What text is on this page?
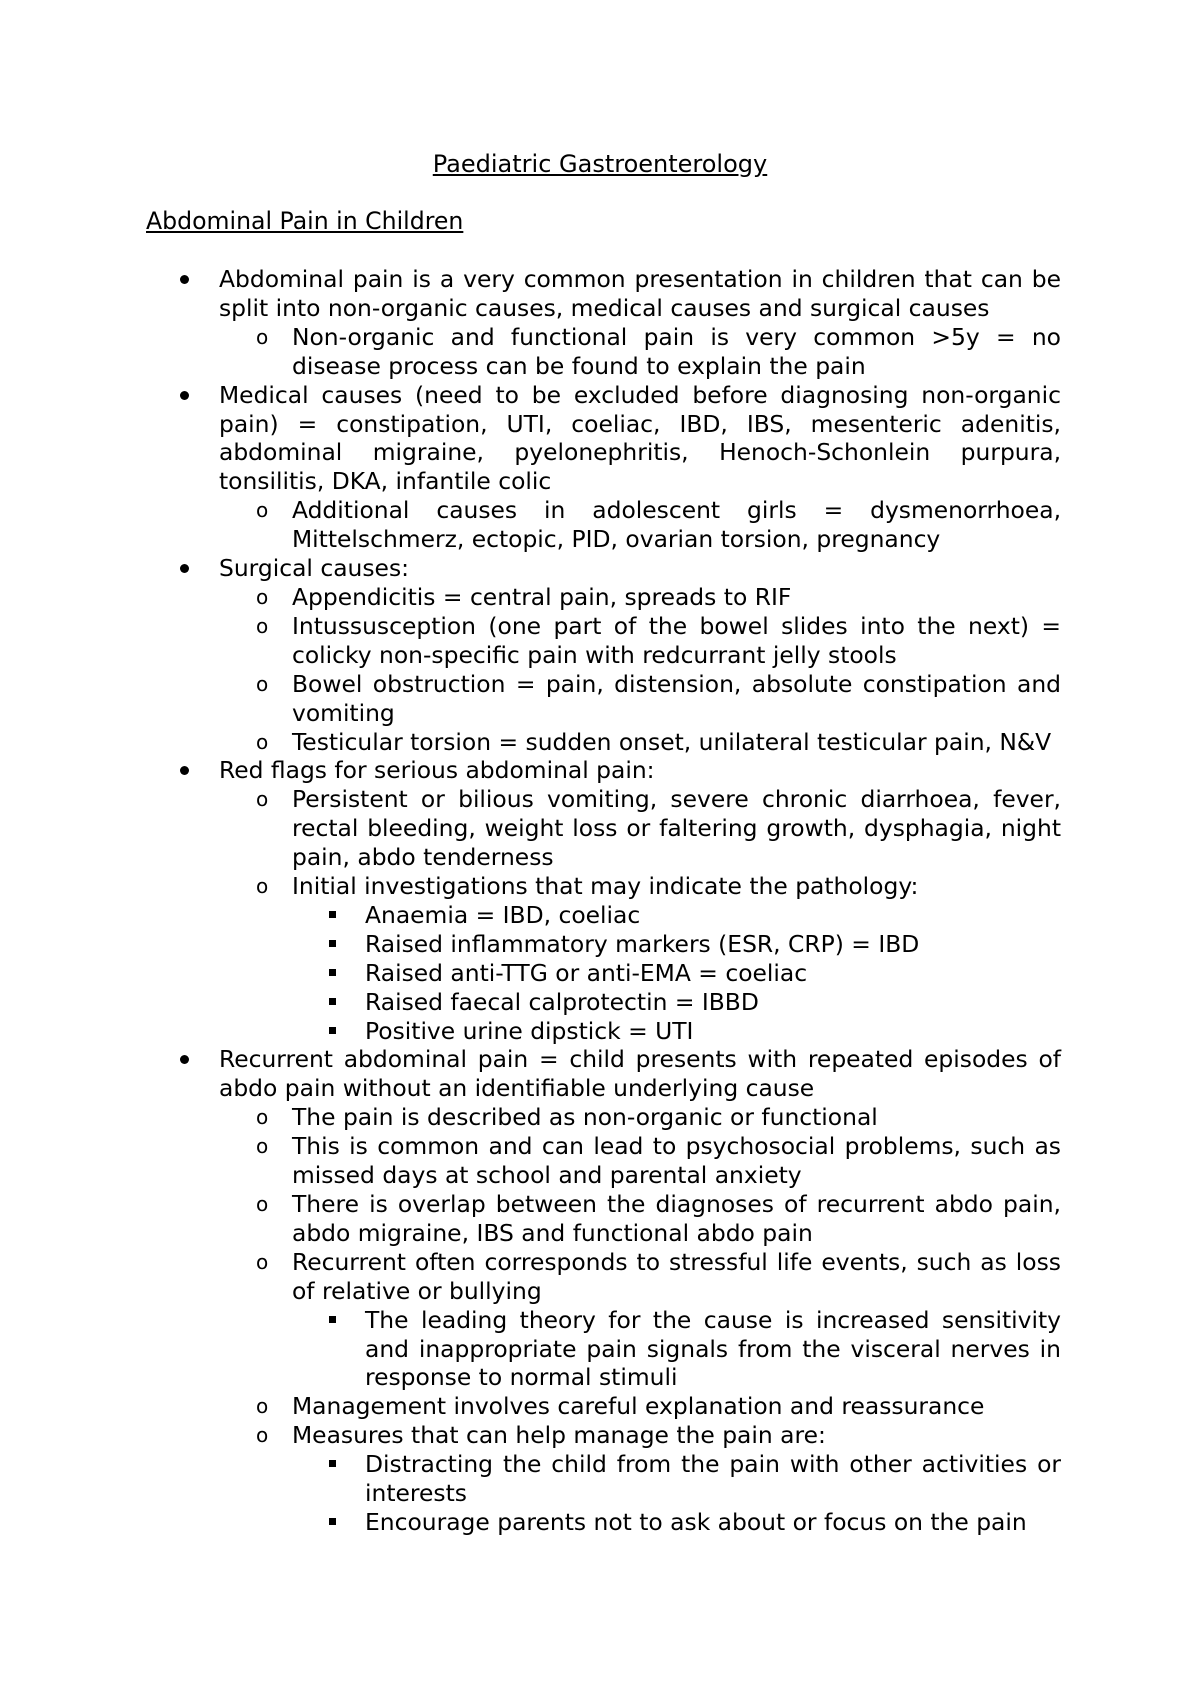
Paediatric Gastroenterology
Abdominal Pain in Children
Abdominal pain is a very common presentation in children that can be split into non-organic causes, medical causes and surgical causes
o Non-organic and functional pain is very common >5y = no disease process can be found to explain the pain
Medical causes (need to be excluded before diagnosing non-organic pain) = constipation, UTI, coeliac, IBD, IBS, mesenteric adenitis, abdominal migraine, pyelonephritis, Henoch-Schonlein purpura, tonsilitis, DKA, infantile colic
o Additional causes in adolescent girls = dysmenorrhoea, Mittelschmerz, ectopic, PID, ovarian torsion, pregnancy
Surgical causes:
o Appendicitis = central pain, spreads to RIF
o Intussusception (one part of the bowel slides into the next) = colicky non-specific pain with redcurrant jelly stools
o Bowel obstruction = pain, distension, absolute constipation and vomiting
o Testicular torsion = sudden onset, unilateral testicular pain, N&V
Red flags for serious abdominal pain:
o Persistent or bilious vomiting, severe chronic diarrhoea, fever, rectal bleeding, weight loss or faltering growth, dysphagia, night pain, abdo tenderness
o Initial investigations that may indicate the pathology:
Anaemia = IBD, coeliac
Raised inflammatory markers (ESR, CRP) = IBD
Raised anti-TTG or anti-EMA = coeliac
Raised faecal calprotectin = IBBD
Positive urine dipstick = UTI
Recurrent abdominal pain = child presents with repeated episodes of abdo pain without an identifiable underlying cause
o The pain is described as non-organic or functional
o This is common and can lead to psychosocial problems, such as missed days at school and parental anxiety
o There is overlap between the diagnoses of recurrent abdo pain, abdo migraine, IBS and functional abdo pain
o Recurrent often corresponds to stressful life events, such as loss of relative or bullying
The leading theory for the cause is increased sensitivity and inappropriate pain signals from the visceral nerves in response to normal stimuli
o Management involves careful explanation and reassurance
o Measures that can help manage the pain are:
Distracting the child from the pain with other activities or interests
Encourage parents not to ask about or focus on the pain
